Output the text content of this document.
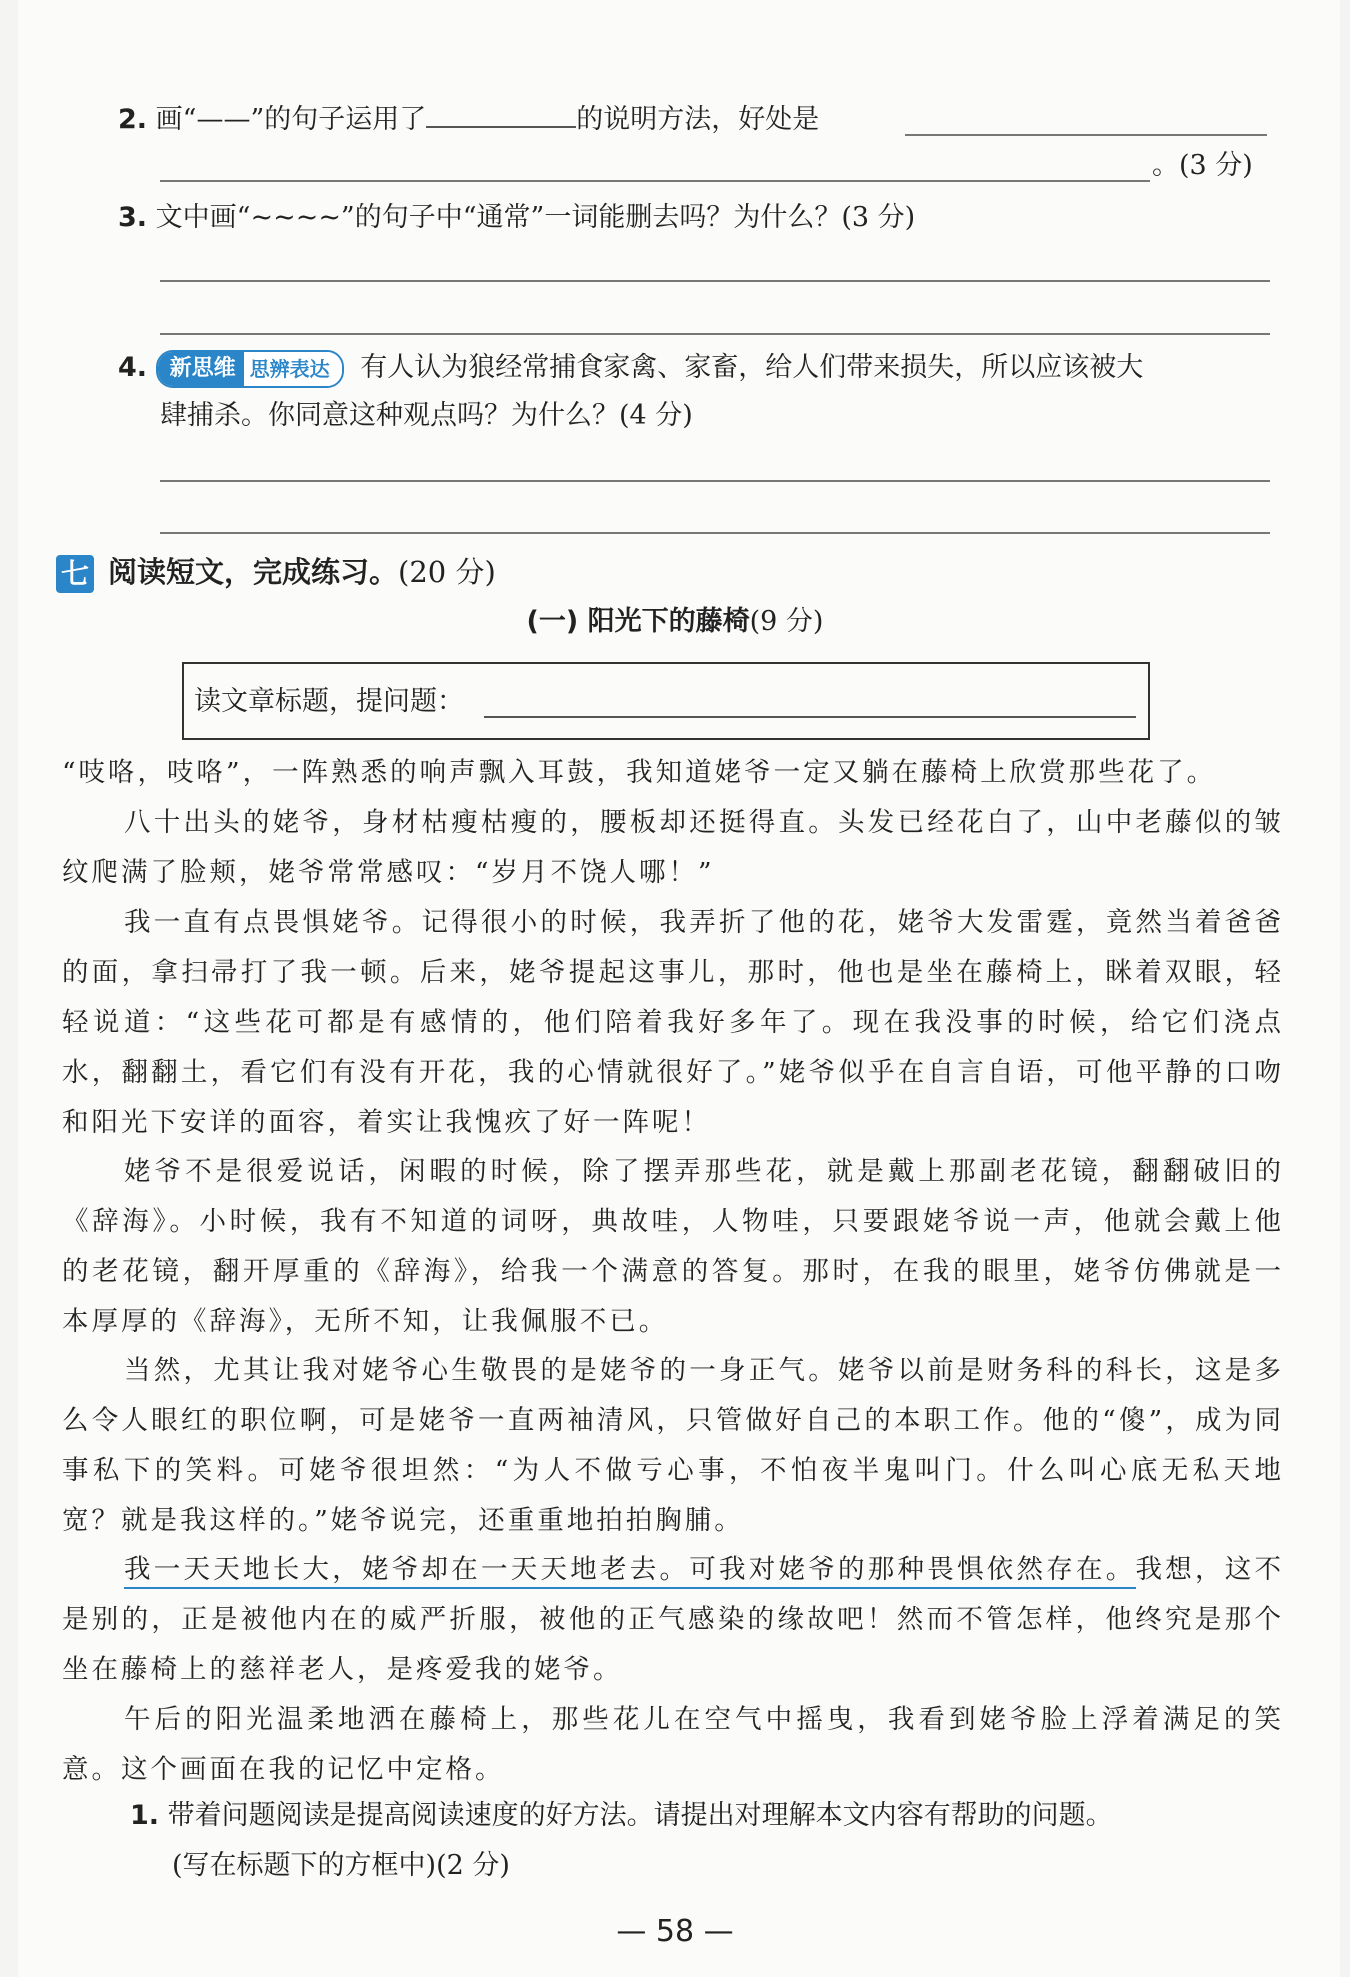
2. 画“——”的句子运用了	的说明方法，好处是
。(3 分)
3. 文中画“~~~~”的句子中“通常”一词能删去吗？为什么？(3 分)
4.	新思维 思辨表达	有人认为狼经常捕食家禽、家畜，给人们带来损失，所以应该被大
肆捕杀。你同意这种观点吗？为什么？(4 分)
七 阅读短文，完成练习。(20 分)
(一) 阳光下的藤椅(9 分)
读文章标题，提问题：
“吱咯，吱咯”，一阵熟悉的响声飘入耳鼓，我知道姥爷一定又躺在藤椅上欣赏那些花了。
八十出头的姥爷，身材枯瘦枯瘦的，腰板却还挺得直。头发已经花白了，山中老藤似的皱纹爬满了脸颊，姥爷常常感叹：“岁月不饶人哪！”
我一直有点畏惧姥爷。记得很小的时候，我弄折了他的花，姥爷大发雷霆，竟然当着爸爸的面，拿扫帚打了我一顿。后来，姥爷提起这事儿，那时，他也是坐在藤椅上，眯着双眼，轻轻说道：“这些花可都是有感情的，他们陪着我好多年了。现在我没事的时候，给它们浇点水，翻翻土，看它们有没有开花，我的心情就很好了。”姥爷似乎在自言自语，可他平静的口吻和阳光下安详的面容，着实让我愧疚了好一阵呢！
姥爷不是很爱说话，闲暇的时候，除了摆弄那些花，就是戴上那副老花镜，翻翻破旧的《辞海》。小时候，我有不知道的词呀，典故哇，人物哇，只要跟姥爷说一声，他就会戴上他的老花镜，翻开厚重的《辞海》，给我一个满意的答复。那时，在我的眼里，姥爷仿佛就是一本厚厚的《辞海》，无所不知，让我佩服不已。
当然，尤其让我对姥爷心生敬畏的是姥爷的一身正气。姥爷以前是财务科的科长，这是多么令人眼红的职位啊，可是姥爷一直两袖清风，只管做好自己的本职工作。他的“傻”，成为同事私下的笑料。可姥爷很坦然：“为人不做亏心事，不怕夜半鬼叫门。什么叫心底无私天地宽？就是我这样的。”姥爷说完，还重重地拍拍胸脯。
我一天天地长大，姥爷却在一天天地老去。可我对姥爷的那种畏惧依然存在。我想，这不是别的，正是被他内在的威严折服，被他的正气感染的缘故吧！然而不管怎样，他终究是那个坐在藤椅上的慈祥老人，是疼爱我的姥爷。
午后的阳光温柔地洒在藤椅上，那些花儿在空气中摇曳，我看到姥爷脸上浮着满足的笑意。这个画面在我的记忆中定格。
1. 带着问题阅读是提高阅读速度的好方法。请提出对理解本文内容有帮助的问题。
(写在标题下的方框中)(2 分)
— 58 —
